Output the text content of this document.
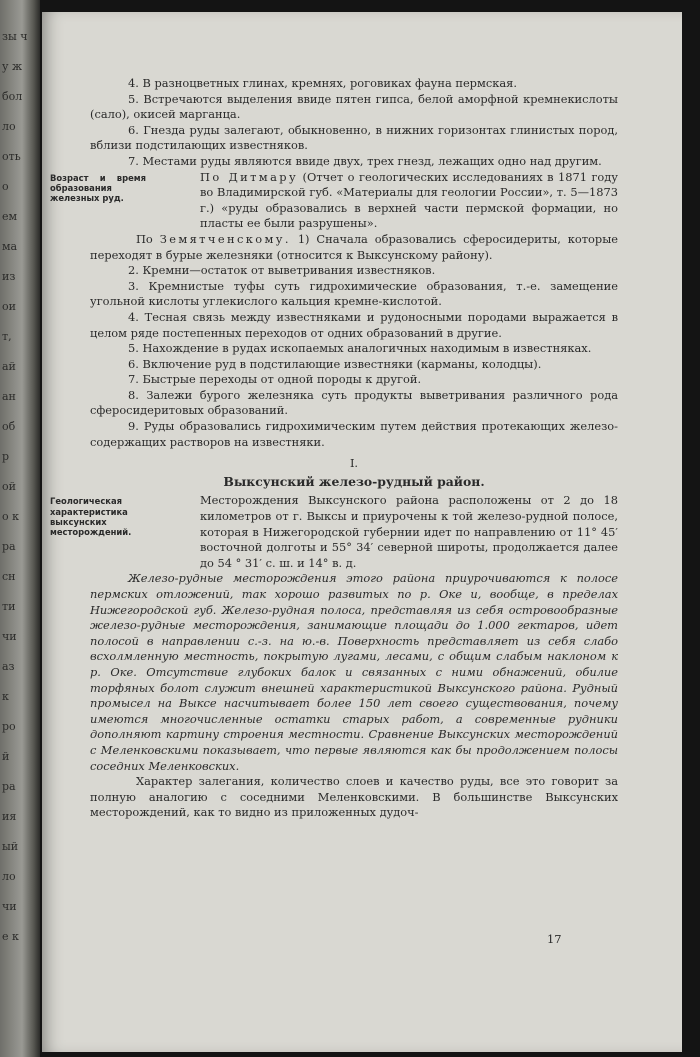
зы ч
у ж
бол
ло
оть
о
ем
ма
из
ои
т,
ай
ан
об
р
ой
о к
ра
сн
ти
чи
аз
к
ро
й
ра
ия
ый
ло
чи
е к

4. В разноцветных глинах, кремнях, роговиках фауна пермская.

5. Встречаются выделения ввиде пятен гипса, белой аморфной кремнекислоты (сало), окисей марганца.

6. Гнезда руды залегают, обыкновенно, в нижних горизонтах глинистых пород, вблизи подстилающих известняков.

7. Местами руды являются ввиде двух, трех гнезд, лежащих одно над другим.

Возраст и время образования железных руд.

По Дитмару (Отчет о геологических исследованиях в 1871 году во Владимирской губ. «Материалы для геологии России», т. 5—1873 г.) «руды образовались в верхней части пермской формации, но пласты ее были разрушены».

По Земятченскому. 1) Сначала образовались сферосидериты, которые переходят в бурые железняки (относится к Выксунскому району).

2. Кремни—остаток от выветривания известняков.

3. Кремнистые туфы суть гидрохимические образования, т.-е. замещение угольной кислоты углекислого кальция кремне-кислотой.

4. Тесная связь между известняками и рудоносными породами выражается в целом ряде постепенных переходов от одних образований в другие.

5. Нахождение в рудах ископаемых аналогичных находимым в известняках.

6. Включение руд в подстилающие известняки (карманы, колодцы).

7. Быстрые переходы от одной породы к другой.

8. Залежи бурого железняка суть продукты выветривания различного рода сферосидеритовых образований.

9. Руды образовались гидрохимическим путем действия протекающих железо-содержащих растворов на известняки.

I.

Выксунский железо-рудный район.

Геологическая характеристика выксунских месторождений.

Месторождения Выксунского района расположены от 2 до 18 километров от г. Выксы и приурочены к той железо-рудной полосе, которая в Нижегородской губернии идет по направлению от 11° 45′ восточной долготы и 55° 34′ северной широты, продолжается далее до 54 ° 31′ с. ш. и 14° в. д.

Железо-рудные месторождения этого района приурочиваются к полосе пермских отложений, так хорошо развитых по р. Оке и, вообще, в пределах Нижегородской губ. Железо-рудная полоса, представляя из себя островообразные железо-рудные месторождения, занимающие площади до 1.000 гектаров, идет полосой в направлении с.-з. на ю.-в. Поверхность представляет из себя слабо всхолмленную местность, покрытую лугами, лесами, с общим слабым наклоном к р. Оке. Отсутствие глубоких балок и связанных с ними обнажений, обилие торфяных болот служит внешней характеристикой Выксунского района. Рудный промысел на Выксе насчитывает более 150 лет своего существования, почему имеются многочисленные остатки старых работ, а современные рудники дополняют картину строения местности. Сравнение Выксунских месторождений с Меленковскими показывает, что первые являются как бы продолжением полосы соседних Меленковских.

Характер залегания, количество слоев и качество руды, все это говорит за полную аналогию с соседними Меленковскими. В большинстве Выксунских месторождений, как то видно из приложенных дудоч-

17
